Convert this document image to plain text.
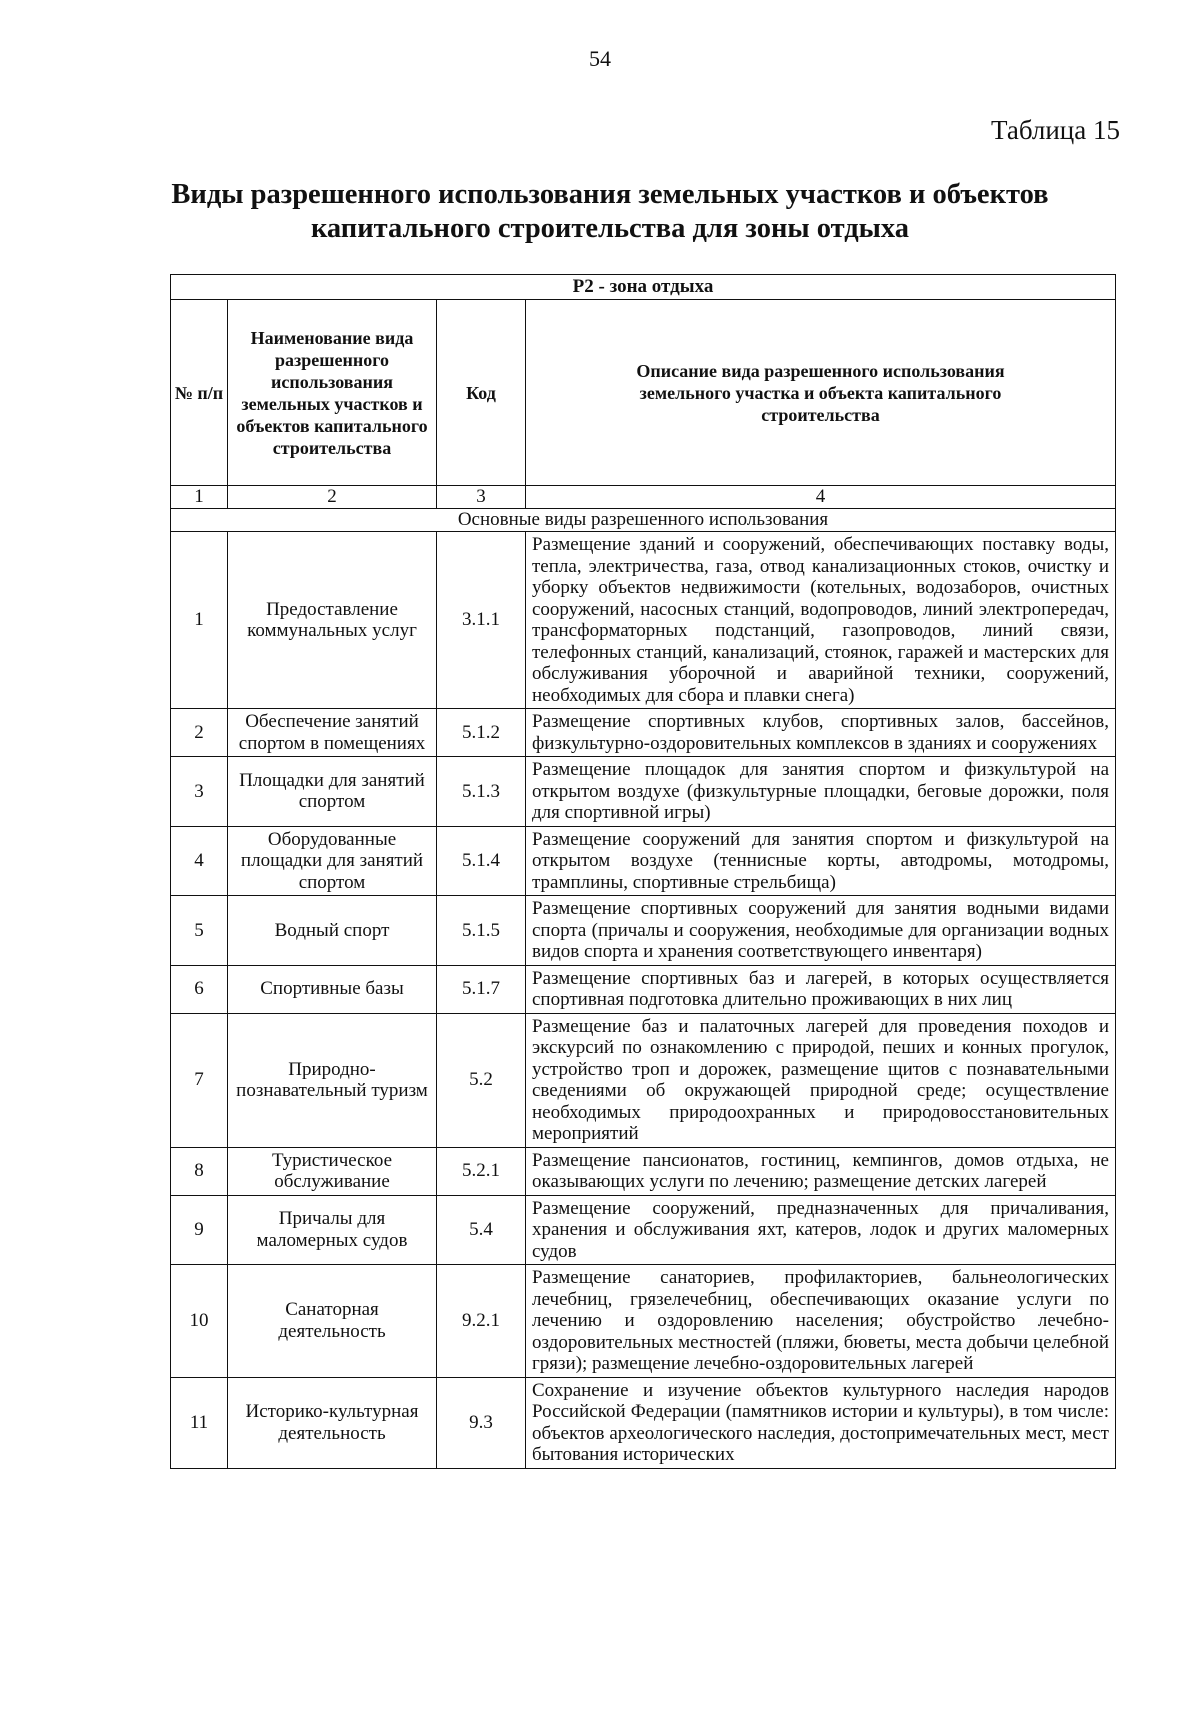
54
Таблица 15
Виды разрешенного использования земельных участков и объектов капитального строительства для зоны отдыха
Р2 - зона отдыха			
№ п/п	Наименование вида разрешенного использования земельных участков и объектов капитального строительства	Код	Описание вида разрешенного использования земельного участка и объекта капитального строительства
1	2	3	4
Основные виды разрешенного использования			
1	Предоставление коммунальных услуг	3.1.1	Размещение зданий и сооружений, обеспечивающих поставку воды, тепла, электричества, газа, отвод канализационных стоков, очистку и уборку объектов недвижимости (котельных, водозаборов, очистных сооружений, насосных станций, водопроводов, линий электропередач, трансформаторных подстанций, газопроводов, линий связи, телефонных станций, канализаций, стоянок, гаражей и мастерских для обслуживания уборочной и аварийной техники, сооружений, необходимых для сбора и плавки снега)
2	Обеспечение занятий спортом в помещениях	5.1.2	Размещение спортивных клубов, спортивных залов, бассейнов, физкультурно-оздоровительных комплексов в зданиях и сооружениях
3	Площадки для занятий спортом	5.1.3	Размещение площадок для занятия спортом и физкультурой на открытом воздухе (физкультурные площадки, беговые дорожки, поля для спортивной игры)
4	Оборудованные площадки для занятий спортом	5.1.4	Размещение сооружений для занятия спортом и физкультурой на открытом воздухе (теннисные корты, автодромы, мотодромы, трамплины, спортивные стрельбища)
5	Водный спорт	5.1.5	Размещение спортивных сооружений для занятия водными видами спорта (причалы и сооружения, необходимые для организации водных видов спорта и хранения соответствующего инвентаря)
6	Спортивные базы	5.1.7	Размещение спортивных баз и лагерей, в которых осуществляется спортивная подготовка длительно проживающих в них лиц
7	Природно-познавательный туризм	5.2	Размещение баз и палаточных лагерей для проведения походов и экскурсий по ознакомлению с природой, пеших и конных прогулок, устройство троп и дорожек, размещение щитов с познавательными сведениями об окружающей природной среде; осуществление необходимых природоохранных и природовосстановительных мероприятий
8	Туристическое обслуживание	5.2.1	Размещение пансионатов, гостиниц, кемпингов, домов отдыха, не оказывающих услуги по лечению; размещение детских лагерей
9	Причалы для маломерных судов	5.4	Размещение сооружений, предназначенных для причаливания, хранения и обслуживания яхт, катеров, лодок и других маломерных судов
10	Санаторная деятельность	9.2.1	Размещение санаториев, профилакториев, бальнеологических лечебниц, грязелечебниц, обеспечивающих оказание услуги по лечению и оздоровлению населения; обустройство лечебно-оздоровительных местностей (пляжи, бюветы, места добычи целебной грязи); размещение лечебно-оздоровительных лагерей
11	Историко-культурная деятельность	9.3	Сохранение и изучение объектов культурного наследия народов Российской Федерации (памятников истории и культуры), в том числе: объектов археологического наследия, достопримечательных мест, мест бытования исторических
